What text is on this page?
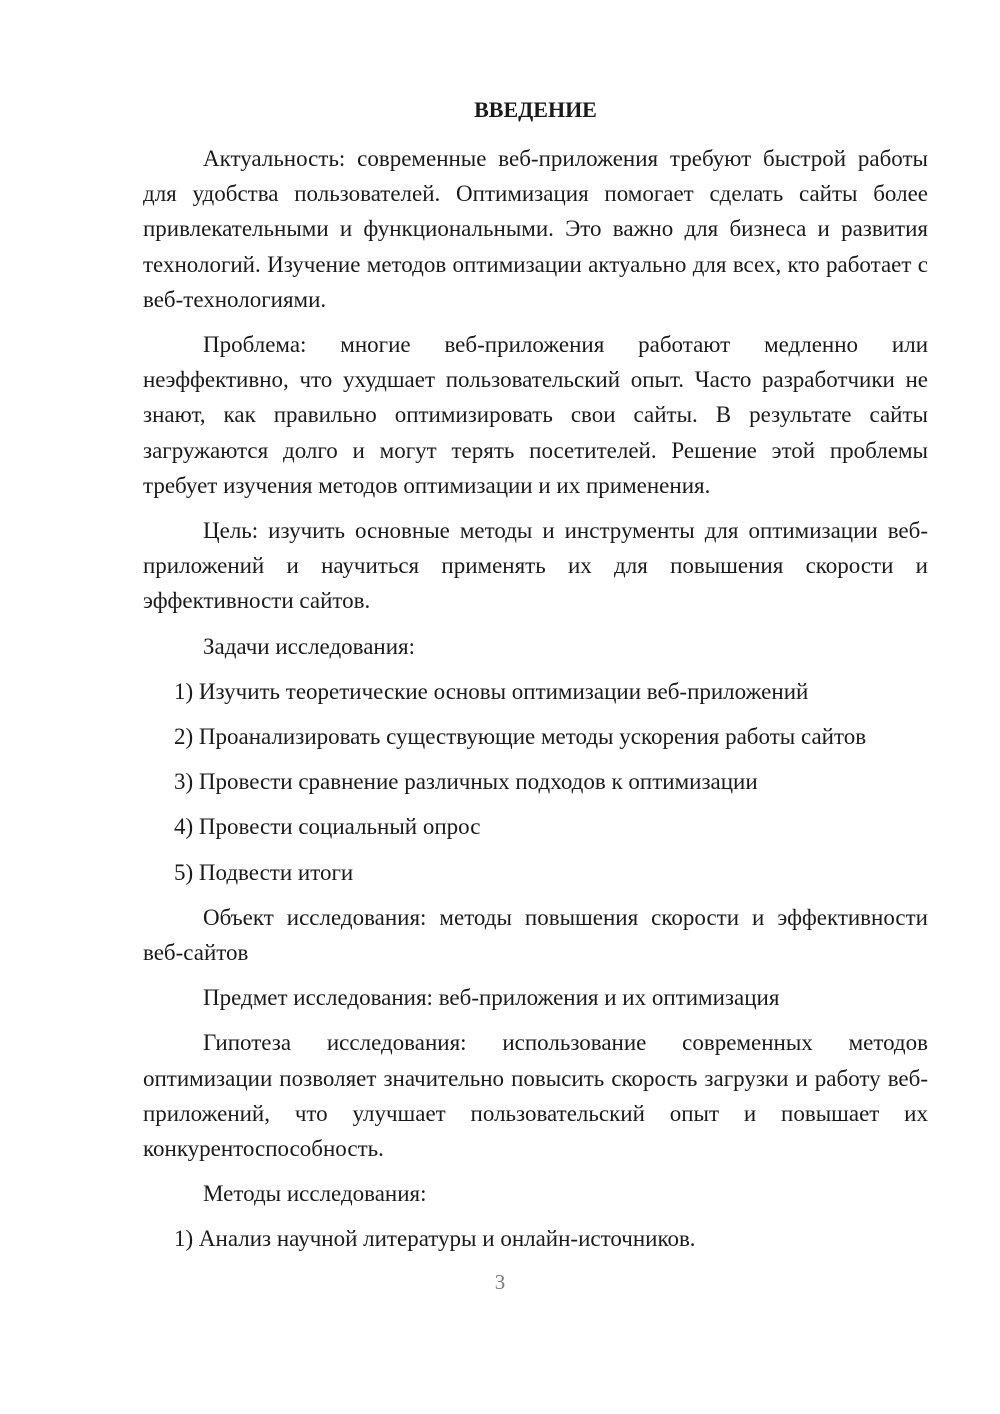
ВВЕДЕНИЕ

Актуальность: современные веб-приложения требуют быстрой работы для удобства пользователей. Оптимизация помогает сделать сайты более привлекательными и функциональными. Это важно для бизнеса и развития технологий. Изучение методов оптимизации актуально для всех, кто работает с веб-технологиями.

Проблема: многие веб-приложения работают медленно или неэффективно, что ухудшает пользовательский опыт. Часто разработчики не знают, как правильно оптимизировать свои сайты. В результате сайты загружаются долго и могут терять посетителей. Решение этой проблемы требует изучения методов оптимизации и их применения.

Цель: изучить основные методы и инструменты для оптимизации веб-приложений и научиться применять их для повышения скорости и эффективности сайтов.

Задачи исследования:

1) Изучить теоретические основы оптимизации веб-приложений

2) Проанализировать существующие методы ускорения работы сайтов

3) Провести сравнение различных подходов к оптимизации

4) Провести социальный опрос

5) Подвести итоги

Объект исследования: методы повышения скорости и эффективности веб-сайтов

Предмет исследования: веб-приложения и их оптимизация

Гипотеза исследования: использование современных методов оптимизации позволяет значительно повысить скорость загрузки и работу веб-приложений, что улучшает пользовательский опыт и повышает их конкурентоспособность.

Методы исследования:

1) Анализ научной литературы и онлайн-источников.

3
